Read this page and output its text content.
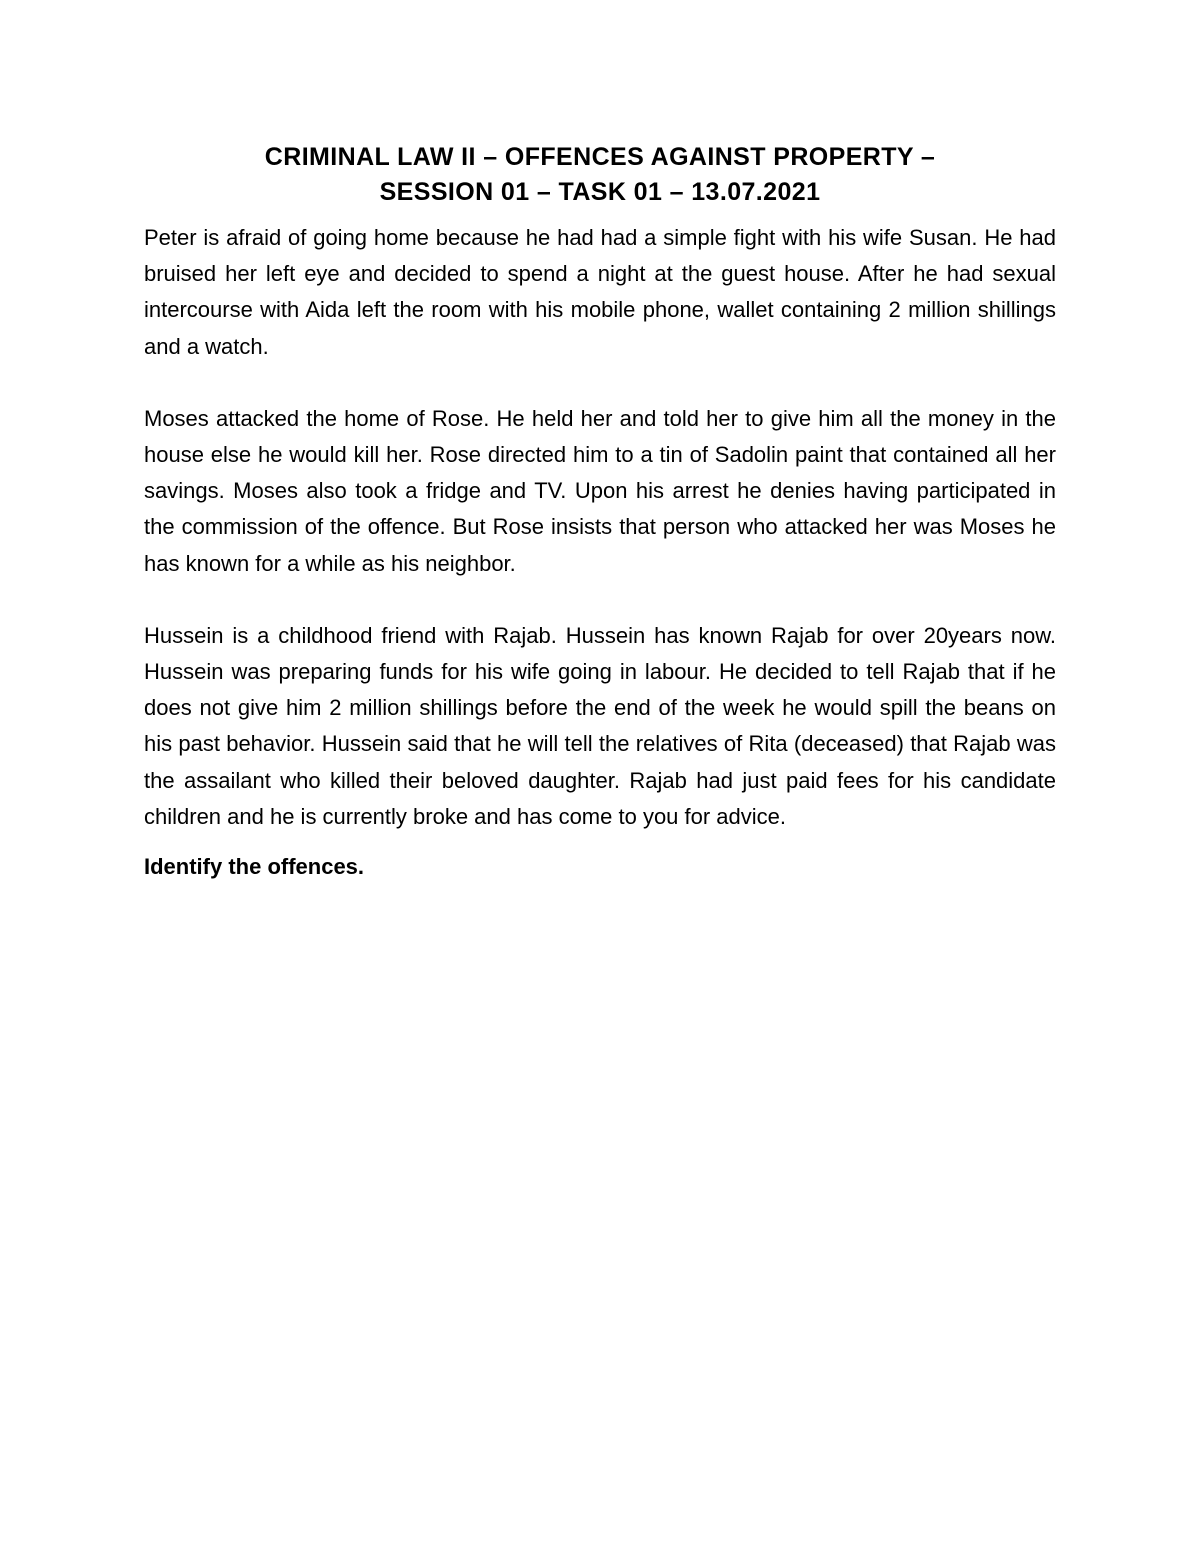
CRIMINAL LAW II – OFFENCES AGAINST PROPERTY –
SESSION 01 – TASK 01 – 13.07.2021

Peter is afraid of going home because he had had a simple fight with his wife Susan. He had bruised her left eye and decided to spend a night at the guest house. After he had sexual intercourse with Aida left the room with his mobile phone, wallet containing 2 million shillings and a watch.

Moses attacked the home of Rose. He held her and told her to give him all the money in the house else he would kill her. Rose directed him to a tin of Sadolin paint that contained all her savings. Moses also took a fridge and TV. Upon his arrest he denies having participated in the commission of the offence. But Rose insists that person who attacked her was Moses he has known for a while as his neighbor.

Hussein is a childhood friend with Rajab. Hussein has known Rajab for over 20years now. Hussein was preparing funds for his wife going in labour. He decided to tell Rajab that if he does not give him 2 million shillings before the end of the week he would spill the beans on his past behavior. Hussein said that he will tell the relatives of Rita (deceased) that Rajab was the assailant who killed their beloved daughter. Rajab had just paid fees for his candidate children and he is currently broke and has come to you for advice.

Identify the offences.
